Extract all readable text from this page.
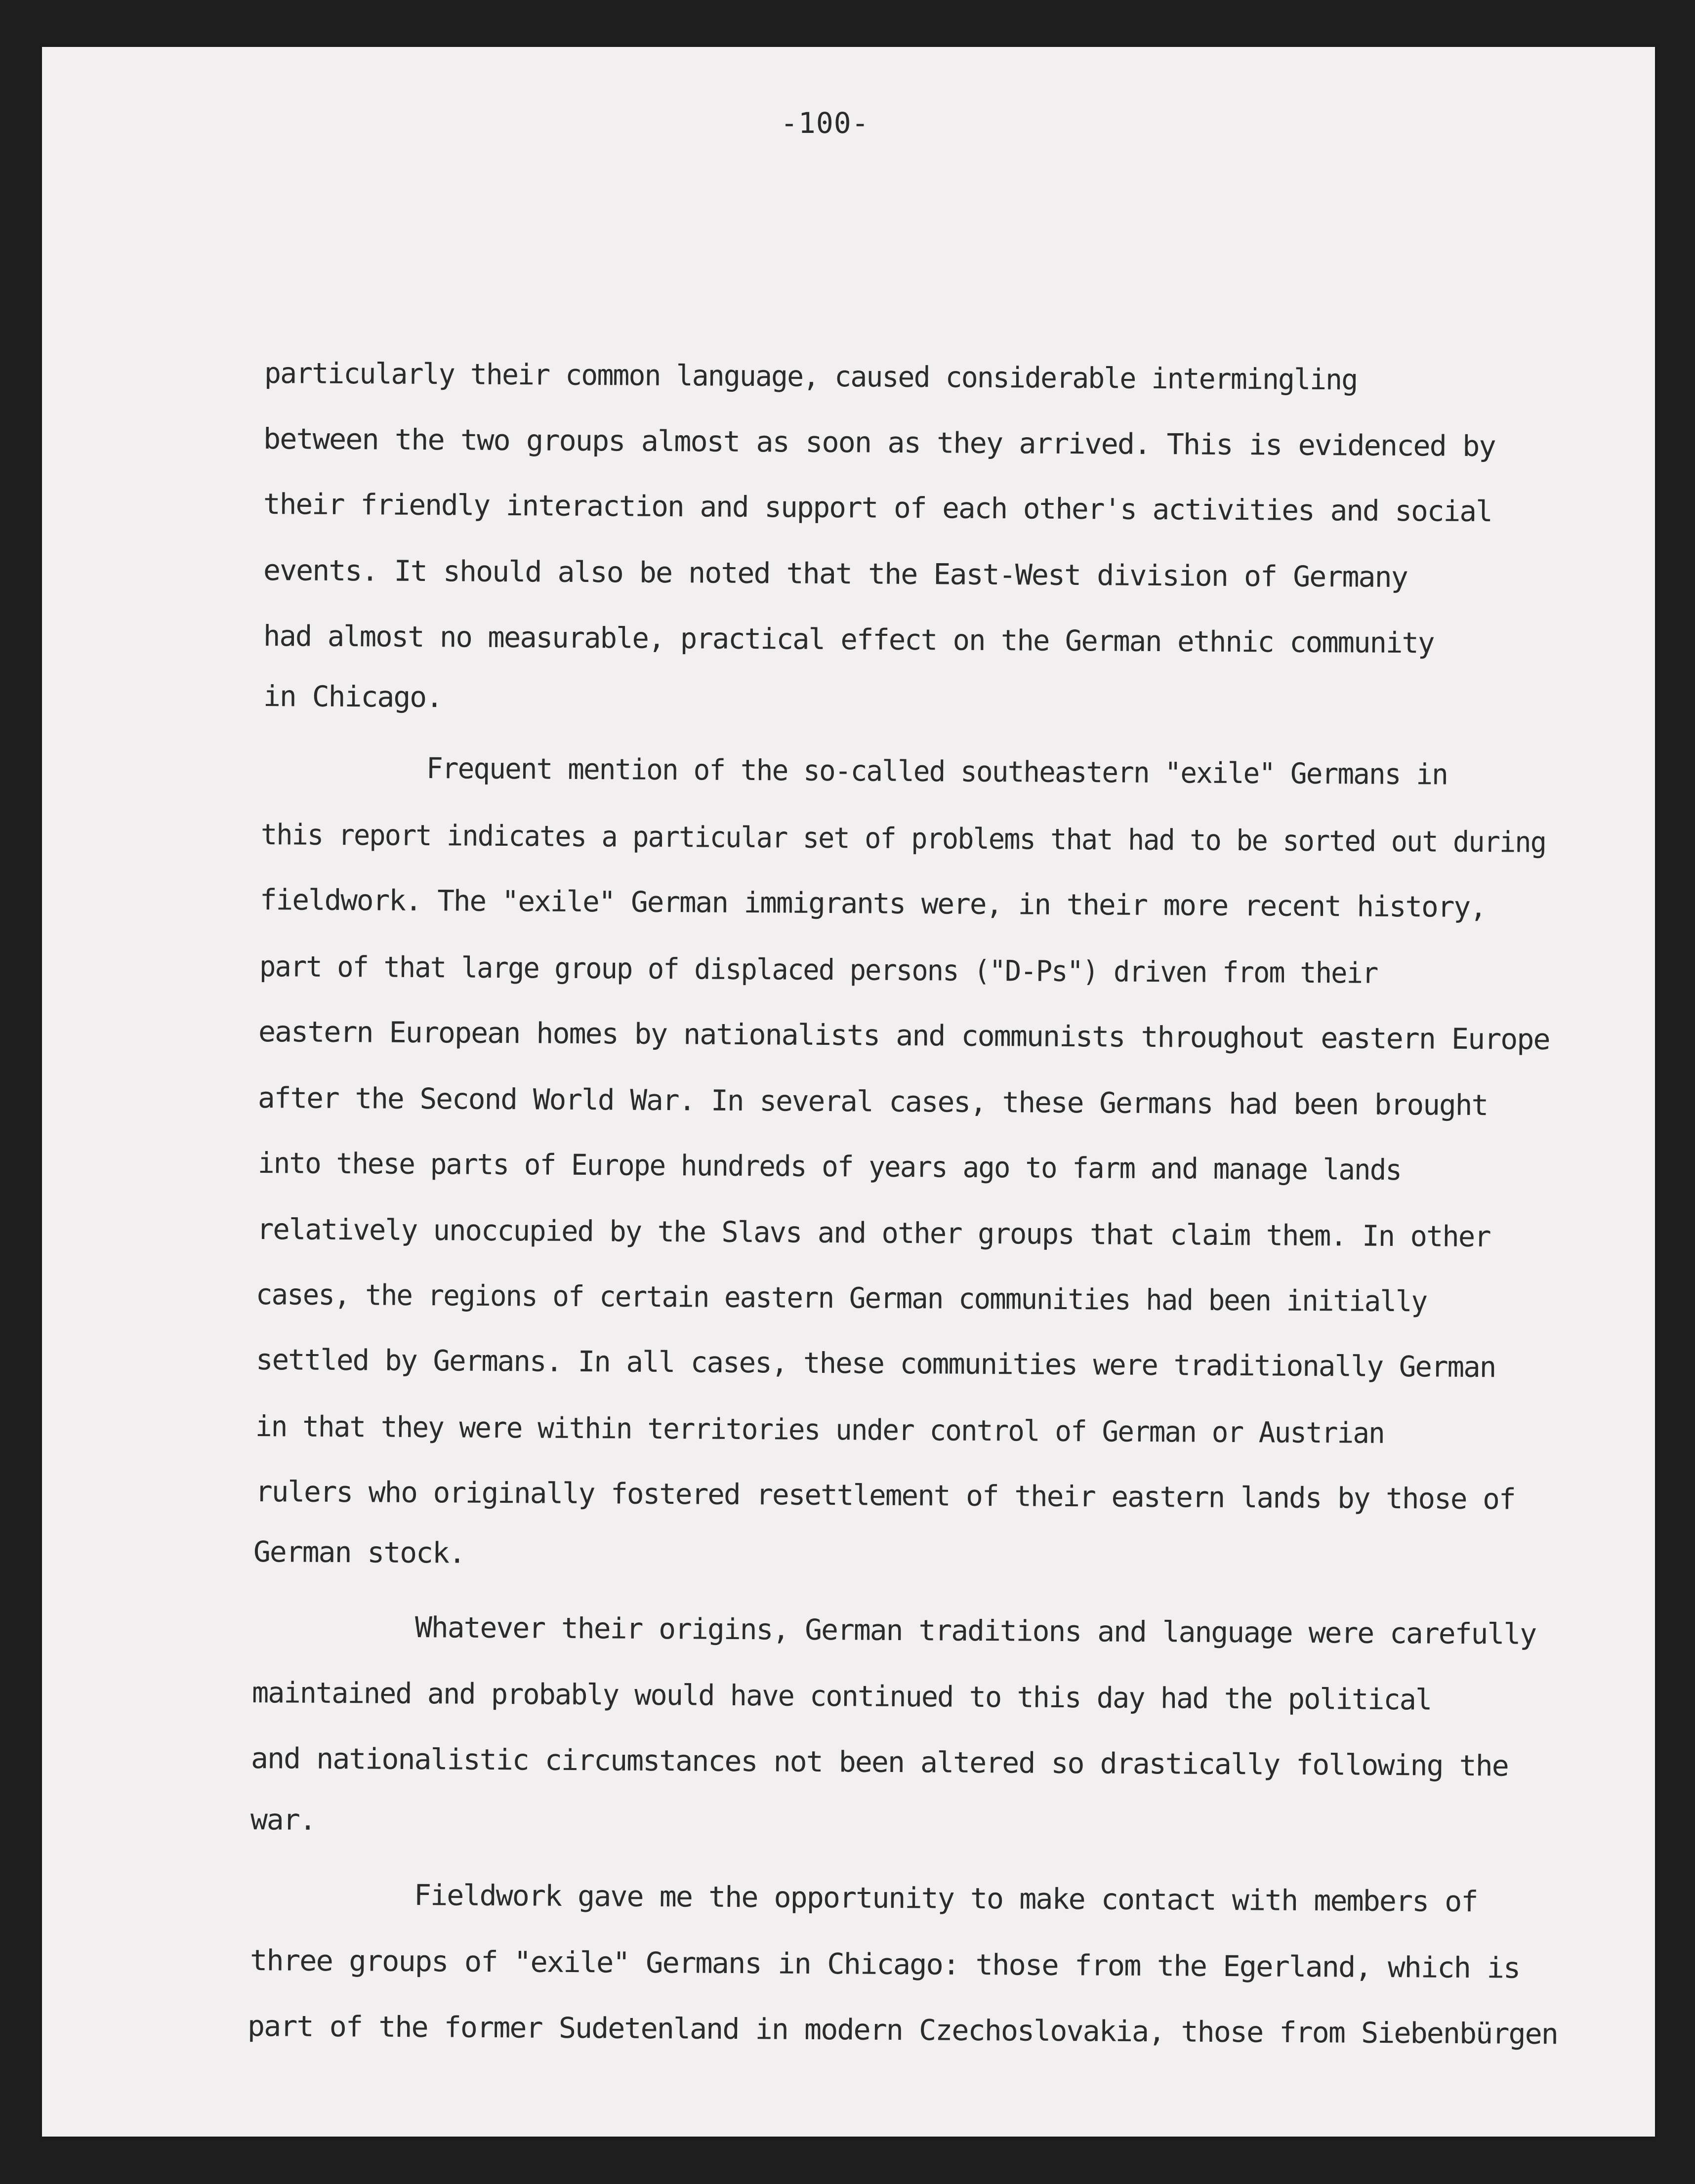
-100-
particularly their common language, caused considerable intermingling
between the two groups almost as soon as they arrived. This is evidenced by
their friendly interaction and support of each other's activities and social
events. It should also be noted that the East-West division of Germany
had almost no measurable, practical effect on the German ethnic community
in Chicago.
Frequent mention of the so-called southeastern "exile" Germans in
this report indicates a particular set of problems that had to be sorted out during
fieldwork. The "exile" German immigrants were, in their more recent history,
part of that large group of displaced persons ("D-Ps") driven from their
eastern European homes by nationalists and communists throughout eastern Europe
after the Second World War. In several cases, these Germans had been brought
into these parts of Europe hundreds of years ago to farm and manage lands
relatively unoccupied by the Slavs and other groups that claim them. In other
cases, the regions of certain eastern German communities had been initially
settled by Germans. In all cases, these communities were traditionally German
in that they were within territories under control of German or Austrian
rulers who originally fostered resettlement of their eastern lands by those of
German stock.
Whatever their origins, German traditions and language were carefully
maintained and probably would have continued to this day had the political
and nationalistic circumstances not been altered so drastically following the
war.
Fieldwork gave me the opportunity to make contact with members of
three groups of "exile" Germans in Chicago: those from the Egerland, which is
part of the former Sudetenland in modern Czechoslovakia, those from Siebenbürgen
